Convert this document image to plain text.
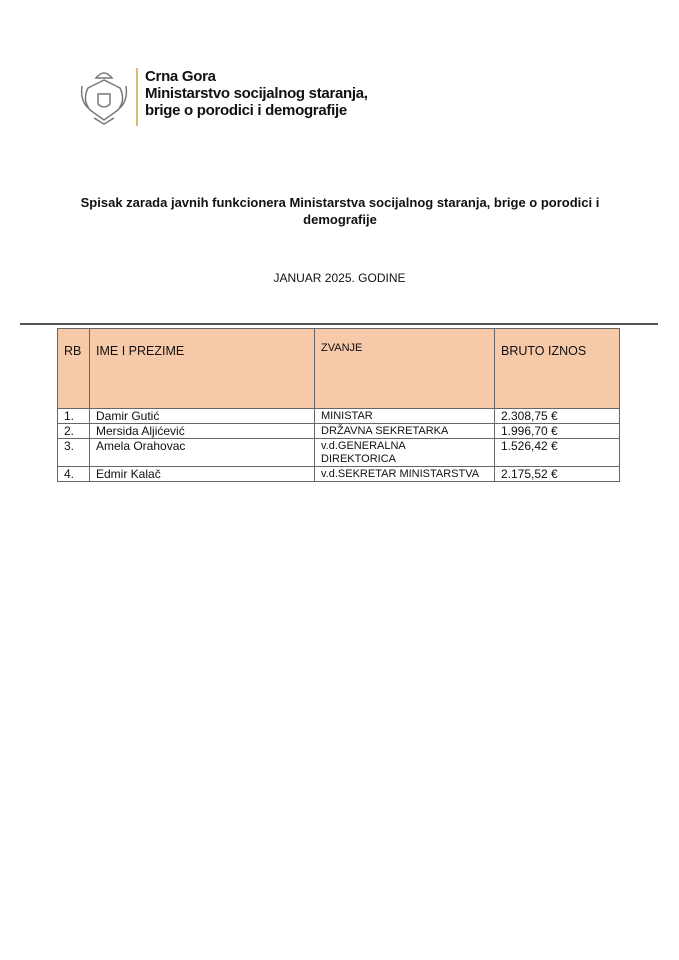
Crna Gora
Ministarstvo socijalnog staranja,
brige o porodici i demografije
Spisak zarada javnih funkcionera Ministarstva socijalnog staranja, brige o porodici i demografije
JANUAR 2025. GODINE
RB	IME I PREZIME	ZVANJE	BRUTO IZNOS
1.	Damir Gutić	MINISTAR	2.308,75 €
2.	Mersida Aljićević	DRŽAVNA SEKRETARKA	1.996,70 €
3.	Amela Orahovac	v.d.GENERALNA DIREKTORICA	1.526,42 €
4.	Edmir Kalač	v.d.SEKRETAR MINISTARSTVA	2.175,52 €
